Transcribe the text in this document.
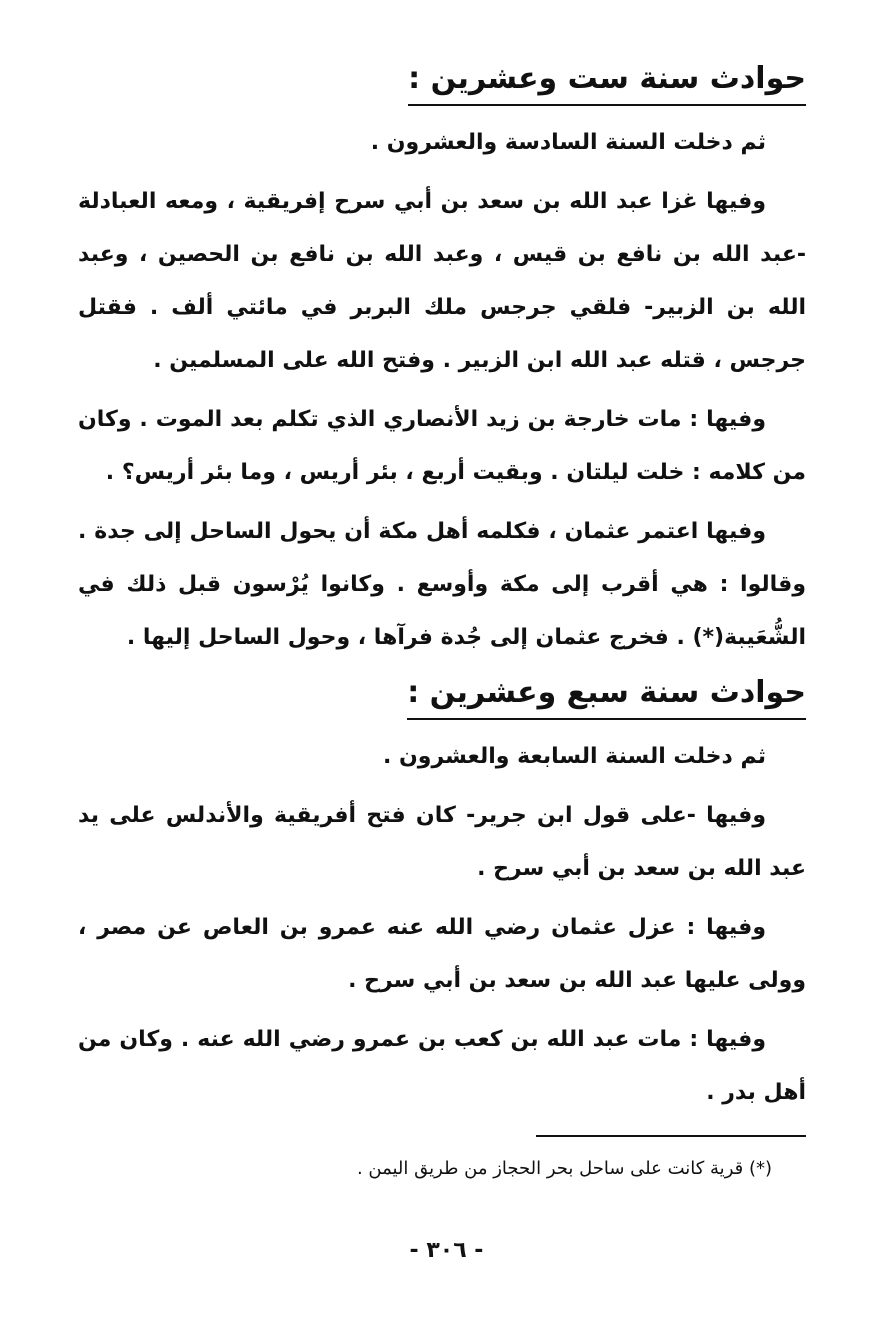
حوادث سنة ست وعشرين :

ثم دخلت السنة السادسة والعشرون .

وفيها غزا عبد الله بن سعد بن أبي سرح إفريقية ، ومعه العبادلة -عبد الله بن نافع بن قيس ، وعبد الله بن نافع بن الحصين ، وعبد الله بن الزبير- فلقي جرجس ملك البربر في مائتي ألف . فقتل جرجس ، قتله عبد الله ابن الزبير . وفتح الله على المسلمين .

وفيها : مات خارجة بن زيد الأنصاري الذي تكلم بعد الموت . وكان من كلامه : خلت ليلتان . وبقيت أربع ، بئر أريس ، وما بئر أريس؟ .

وفيها اعتمر عثمان ، فكلمه أهل مكة أن يحول الساحل إلى جدة . وقالوا : هي أقرب إلى مكة وأوسع . وكانوا يُرْسون قبل ذلك في الشُّعَيبة(*) . فخرج عثمان إلى جُدة فرآها ، وحول الساحل إليها .

حوادث سنة سبع وعشرين :

ثم دخلت السنة السابعة والعشرون .

وفيها -على قول ابن جرير- كان فتح أفريقية والأندلس على يد عبد الله بن سعد بن أبي سرح .

وفيها : عزل عثمان رضي الله عنه عمرو بن العاص عن مصر ، وولى عليها عبد الله بن سعد بن أبي سرح .

وفيها : مات عبد الله بن كعب بن عمرو رضي الله عنه . وكان من أهل بدر .

(*) قرية كانت على ساحل بحر الحجاز من طريق اليمن .

- ٣٠٦ -
